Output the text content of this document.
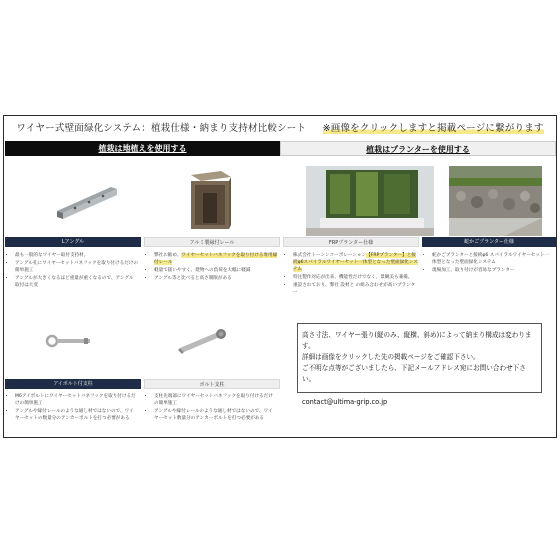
ワイヤー式壁面緑化システム：植栽仕様・納まり支持材比較シート ※画像をクリックしますと掲載ページに繋がります
植栽は地植えを使用する	植栽はプランターを使用する
Lアングル	アルミ製縁付レール	FRPプランター仕様	蛇かごプランター仕様
• 最も一般的なワイヤー取付支持材。
• アングル孔にワイヤーセットバネフックを取り付けるだけの簡単施工
• アングルが大きくなるほど重量が重くなるので、アングル取付は大変
• 弊社お勧め。ワイヤーセットバネフックを取り付ける専用縁付レール
• 軽量で扱いやすく、建物への負荷を大幅に軽減
• アングル等と比べると高さ制限がある
• 株式会社トーシンコーポレーション【FRPプランター】と接続φ6スパイラルワイヤーセット一体型となった壁面緑化システム
• 特注製作対応が出来、機能性だけでなく、景観美も兼備。
• 重設されており、弊社 設材と の組み合わせが高いプランター
• 蛇かごプランターと接続φ6 スパイラルワイヤーセット一体型となった壁面緑化システム
• 現場加工、取り付けが容易なプランター
アイボルト付支柱	ボルト支柱
• M6アイボルトにワイヤーセットバネフックを取り付けるだけの簡単施工
• アングルや縁付レールのような通し材ではないので、ワイヤーセットの数量分のアンカーボルトを打つ必要がある
• 支柱先端部にワイヤーセットバネフックを取り付けるだけの簡単施工
• アングルや縁付レールのような通し材ではないので、ワイヤーセット数量分のアンカーボルトを打つ必要がある
高さ寸法、ワイヤー張り(縦のみ、縦横、斜め)によって納まり構成は変わります。
詳細は画像をクリックした先の掲載ページをご確認下さい。
ご不明な点等がございましたら、下記メールアドレス宛にお問い合わせ下さい。
contact@ultima-grip.co.jp
